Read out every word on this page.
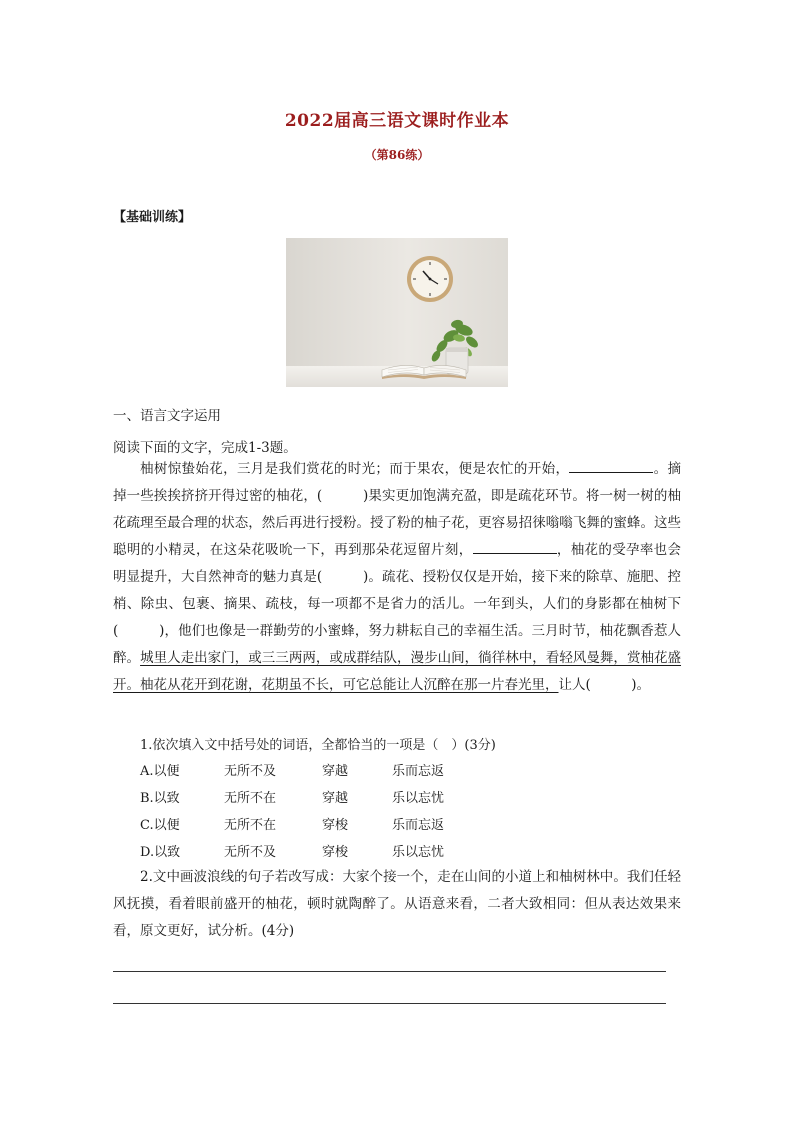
2022届高三语文课时作业本
（第86练）
【基础训练】
一、语言文字运用
阅读下面的文字，完成1-3题。

柚树惊蛰始花，三月是我们赏花的时光；而于果农，便是农忙的开始，	。摘掉一些挨挨挤挤开得过密的柚花，(　　　)果实更加饱满充盈，即是疏花环节。将一树一树的柚花疏理至最合理的状态，然后再进行授粉。授了粉的柚子花，更容易招徕嗡嗡飞舞的蜜蜂。这些聪明的小精灵，在这朵花吸吮一下，再到那朵花逗留片刻，	，柚花的受孕率也会明显提升，大自然神奇的魅力真是(　　　)。疏花、授粉仅仅是开始，接下来的除草、施肥、控梢、除虫、包裹、摘果、疏枝，每一项都不是省力的活儿。一年到头，人们的身影都在柚树下(　　　)，他们也像是一群勤劳的小蜜蜂，努力耕耘自己的幸福生活。三月时节，柚花飘香惹人醉。城里人走出家门，或三三两两，或成群结队，漫步山间，徜徉林中，看轻风曼舞，赏柚花盛开。柚花从花开到花谢，花期虽不长，可它总能让人沉醉在那一片春光里，让人(　　　)。

1.依次填入文中括号处的词语，全都恰当的一项是（　）(3分)
A.以便	无所不及	穿越	乐而忘返
B.以致	无所不在	穿越	乐以忘忧
C.以便	无所不在	穿梭	乐而忘返
D.以致	无所不及	穿梭	乐以忘忧

2.文中画波浪线的句子若改写成：大家个接一个，走在山间的小道上和柚树林中。我们任轻风抚摸，看着眼前盛开的柚花，顿时就陶醉了。从语意来看，二者大致相同：但从表达效果来看，原文更好，试分析。(4分)
